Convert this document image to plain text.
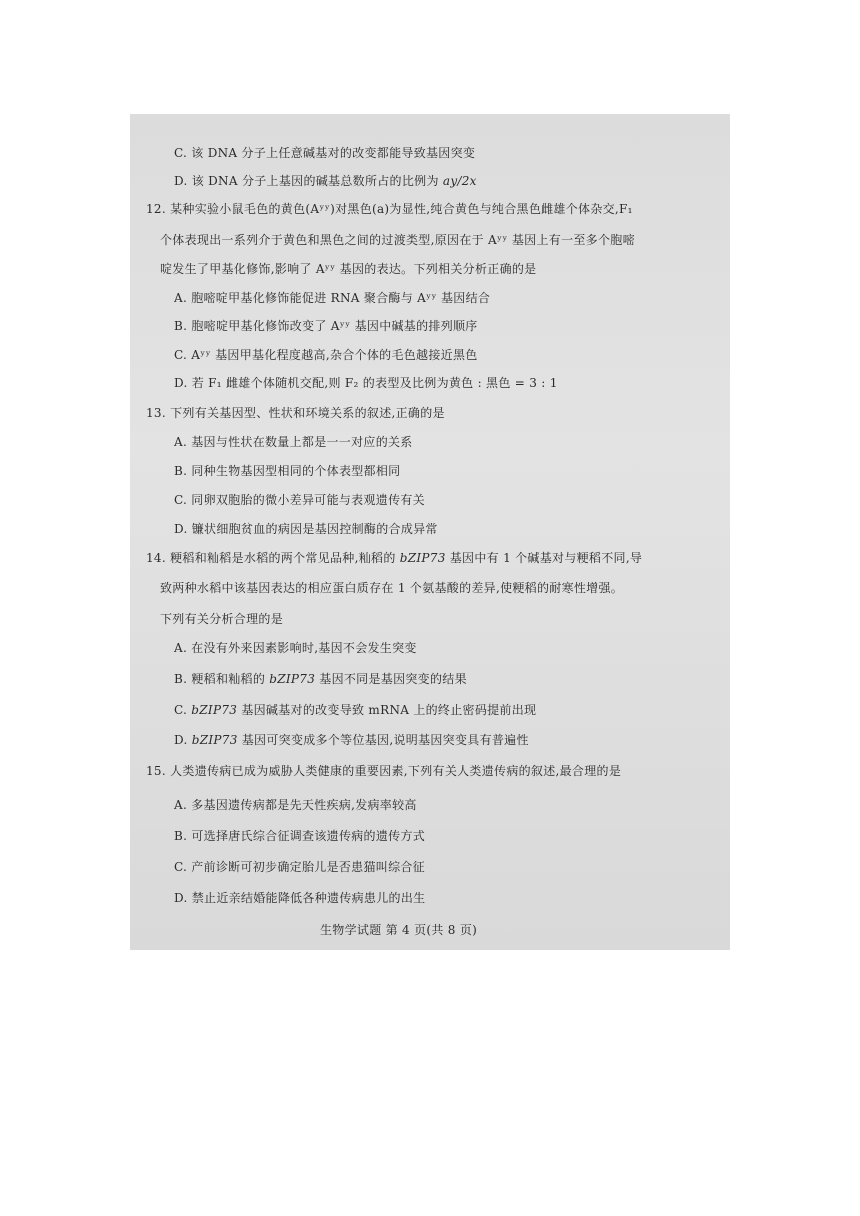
C. 该 DNA 分子上任意碱基对的改变都能导致基因突变
D. 该 DNA 分子上基因的碱基总数所占的比例为 ay/2x
12. 某种实验小鼠毛色的黄色(Aʸʸ)对黑色(a)为显性,纯合黄色与纯合黑色雌雄个体杂交,F₁
个体表现出一系列介于黄色和黑色之间的过渡类型,原因在于 Aʸʸ 基因上有一至多个胞嘧
啶发生了甲基化修饰,影响了 Aʸʸ 基因的表达。下列相关分析正确的是
A. 胞嘧啶甲基化修饰能促进 RNA 聚合酶与 Aʸʸ 基因结合
B. 胞嘧啶甲基化修饰改变了 Aʸʸ 基因中碱基的排列顺序
C. Aʸʸ 基因甲基化程度越高,杂合个体的毛色越接近黑色
D. 若 F₁ 雌雄个体随机交配,则 F₂ 的表型及比例为黄色 : 黑色 = 3 : 1
13. 下列有关基因型、性状和环境关系的叙述,正确的是
A. 基因与性状在数量上都是一一对应的关系
B. 同种生物基因型相同的个体表型都相同
C. 同卵双胞胎的微小差异可能与表观遗传有关
D. 镰状细胞贫血的病因是基因控制酶的合成异常
14. 粳稻和籼稻是水稻的两个常见品种,籼稻的 bZIP73 基因中有 1 个碱基对与粳稻不同,导
致两种水稻中该基因表达的相应蛋白质存在 1 个氨基酸的差异,使粳稻的耐寒性增强。
下列有关分析合理的是
A. 在没有外来因素影响时,基因不会发生突变
B. 粳稻和籼稻的 bZIP73 基因不同是基因突变的结果
C. bZIP73 基因碱基对的改变导致 mRNA 上的终止密码提前出现
D. bZIP73 基因可突变成多个等位基因,说明基因突变具有普遍性
15. 人类遗传病已成为威胁人类健康的重要因素,下列有关人类遗传病的叙述,最合理的是
A. 多基因遗传病都是先天性疾病,发病率较高
B. 可选择唐氏综合征调查该遗传病的遗传方式
C. 产前诊断可初步确定胎儿是否患猫叫综合征
D. 禁止近亲结婚能降低各种遗传病患儿的出生
生物学试题 第 4 页(共 8 页)
